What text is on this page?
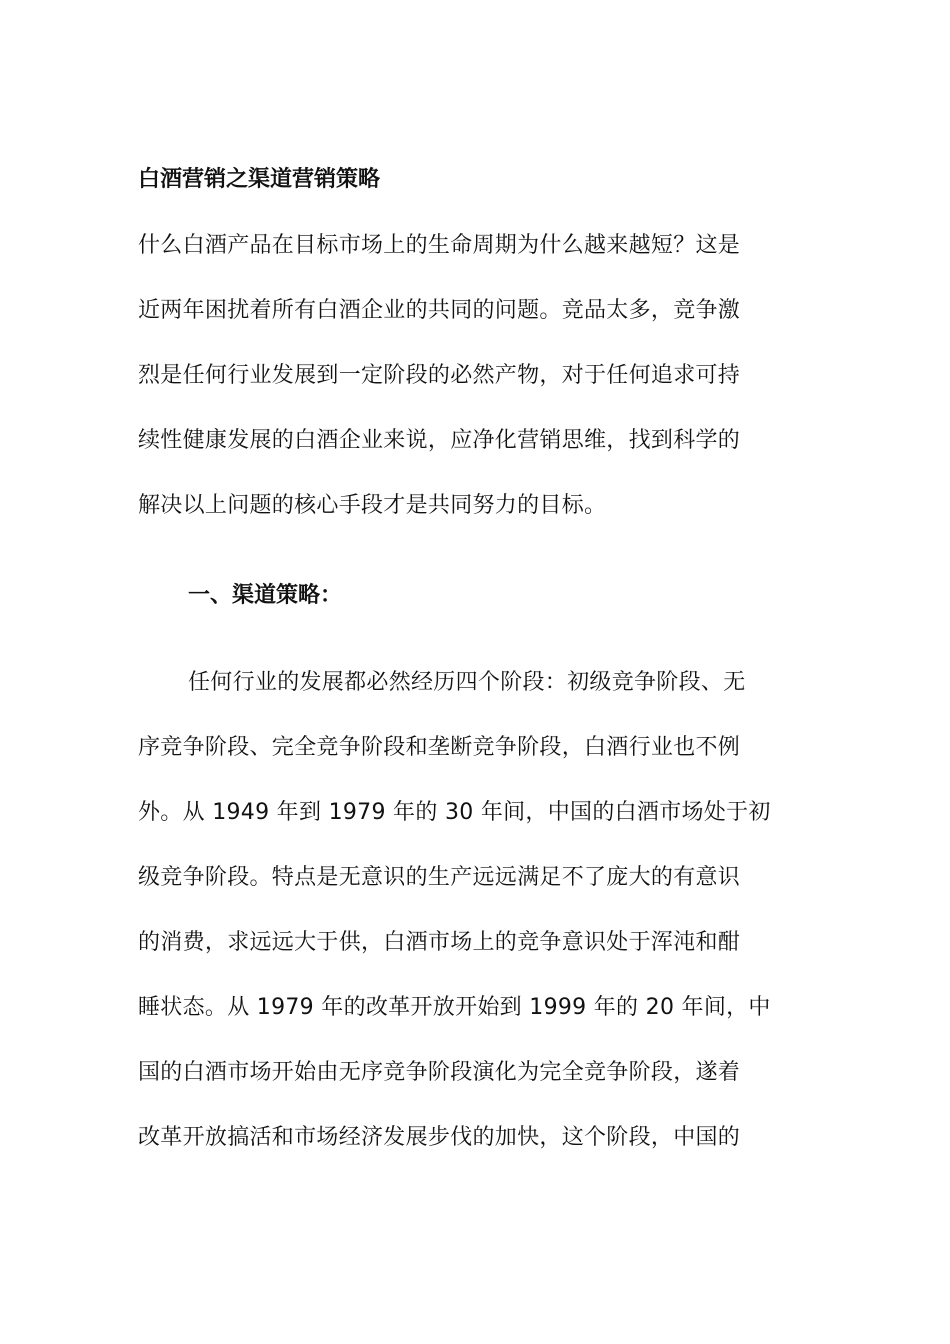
白酒营销之渠道营销策略
什么白酒产品在目标市场上的生命周期为什么越来越短？这是
近两年困扰着所有白酒企业的共同的问题。竞品太多，竞争激
烈是任何行业发展到一定阶段的必然产物，对于任何追求可持
续性健康发展的白酒企业来说，应净化营销思维，找到科学的
解决以上问题的核心手段才是共同努力的目标。
一、渠道策略：
任何行业的发展都必然经历四个阶段：初级竞争阶段、无
序竞争阶段、完全竞争阶段和垄断竞争阶段，白酒行业也不例
外。从 1949 年到 1979 年的 30 年间，中国的白酒市场处于初
级竞争阶段。特点是无意识的生产远远满足不了庞大的有意识
的消费，求远远大于供，白酒市场上的竞争意识处于浑沌和酣
睡状态。从 1979 年的改革开放开始到 1999 年的 20 年间，中
国的白酒市场开始由无序竞争阶段演化为完全竞争阶段，遂着
改革开放搞活和市场经济发展步伐的加快，这个阶段，中国的
